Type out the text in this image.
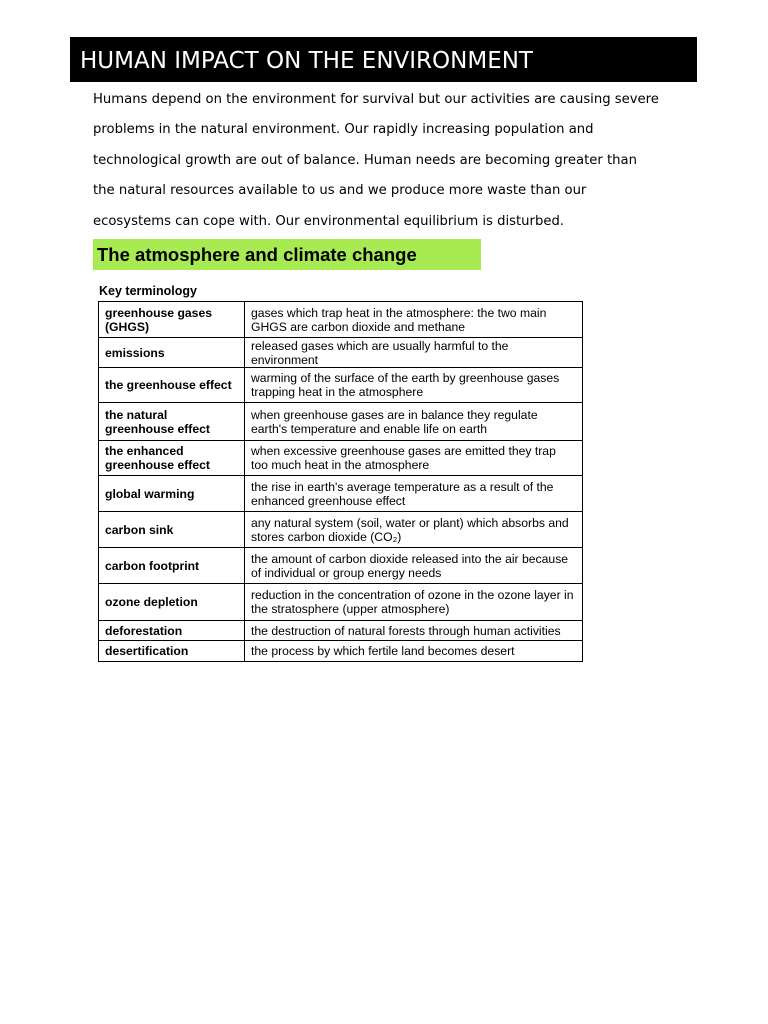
HUMAN IMPACT ON THE ENVIRONMENT
Humans depend on the environment for survival but our activities are causing severe
problems in the natural environment. Our rapidly increasing population and
technological growth are out of balance. Human needs are becoming greater than
the natural resources available to us and we produce more waste than our
ecosystems can cope with. Our environmental equilibrium is disturbed.
The atmosphere and climate change
Key terminology
greenhouse gases (GHGS)	gases which trap heat in the atmosphere: the two main GHGS are carbon dioxide and methane
emissions	released gases which are usually harmful to the environment
the greenhouse effect	warming of the surface of the earth by greenhouse gases trapping heat in the atmosphere
the natural greenhouse effect	when greenhouse gases are in balance they regulate earth's temperature and enable life on earth
the enhanced greenhouse effect	when excessive greenhouse gases are emitted they trap too much heat in the atmosphere
global warming	the rise in earth's average temperature as a result of the enhanced greenhouse effect
carbon sink	any natural system (soil, water or plant) which absorbs and stores carbon dioxide (CO₂)
carbon footprint	the amount of carbon dioxide released into the air because of individual or group energy needs
ozone depletion	reduction in the concentration of ozone in the ozone layer in the stratosphere (upper atmosphere)
deforestation	the destruction of natural forests through human activities
desertification	the process by which fertile land becomes desert
